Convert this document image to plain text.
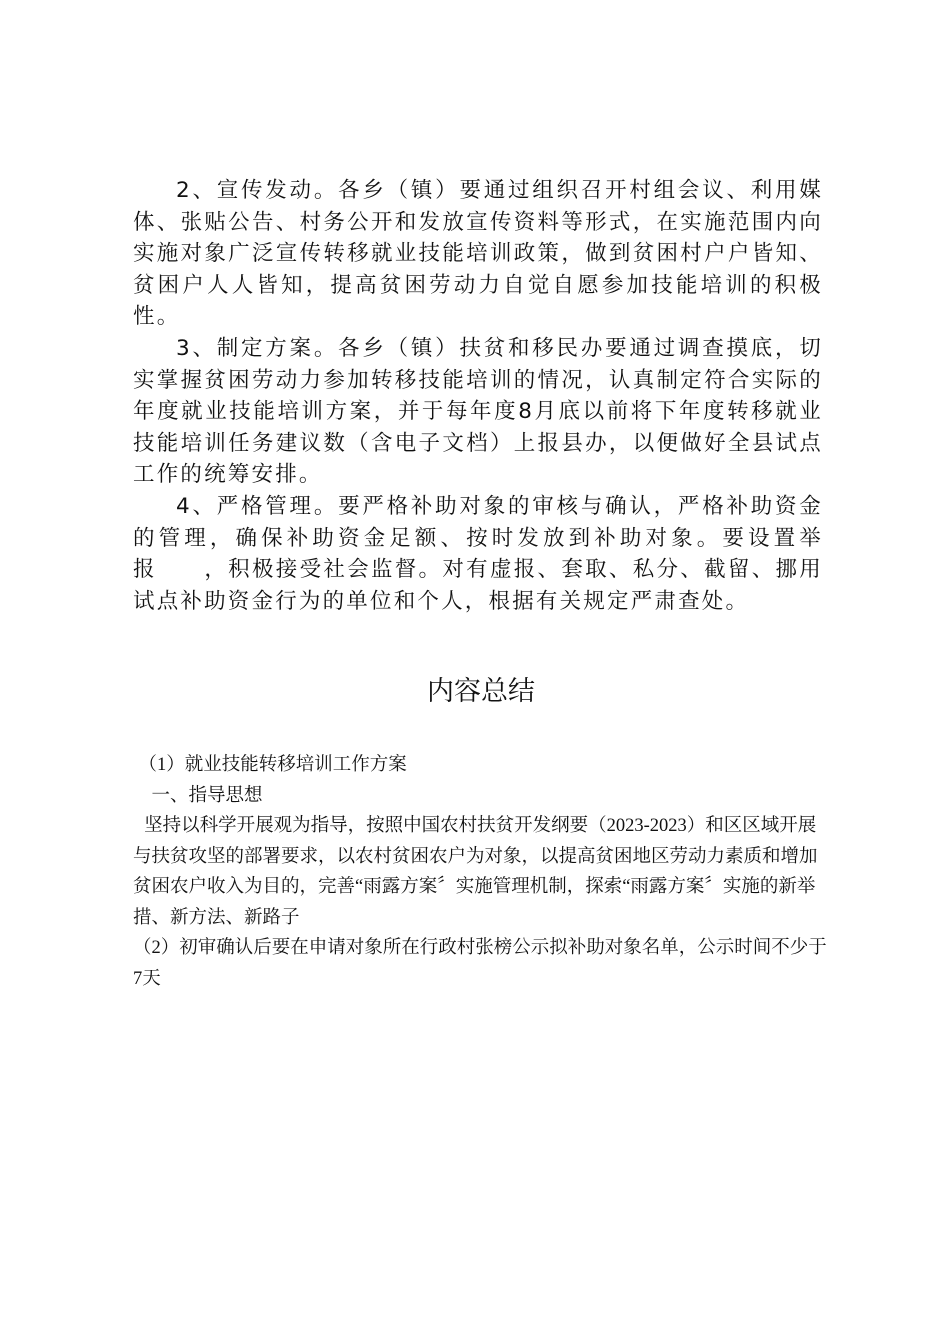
2、宣传发动。各乡（镇）要通过组织召开村组会议、利用媒体、张贴公告、村务公开和发放宣传资料等形式，在实施范围内向实施对象广泛宣传转移就业技能培训政策，做到贫困村户户皆知、贫困户人人皆知，提高贫困劳动力自觉自愿参加技能培训的积极性。

3、制定方案。各乡（镇）扶贫和移民办要通过调查摸底，切实掌握贫困劳动力参加转移技能培训的情况，认真制定符合实际的年度就业技能培训方案，并于每年度8月底以前将下年度转移就业技能培训任务建议数（含电子文档）上报县办，以便做好全县试点工作的统筹安排。

4、严格管理。要严格补助对象的审核与确认，严格补助资金的管理，确保补助资金足额、按时发放到补助对象。要设置举报　　，积极接受社会监督。对有虚报、套取、私分、截留、挪用试点补助资金行为的单位和个人，根据有关规定严肃查处。

内容总结

（1）就业技能转移培训工作方案

一、指导思想

坚持以科学开展观为指导，按照中国农村扶贫开发纲要（2023-2023）和区区域开展与扶贫攻坚的部署要求，以农村贫困农户为对象，以提高贫困地区劳动力素质和增加贫困农户收入为目的，完善“雨露方案〞实施管理机制，探索“雨露方案〞实施的新举措、新方法、新路子

（2）初审确认后要在申请对象所在行政村张榜公示拟补助对象名单，公示时间不少于7天
